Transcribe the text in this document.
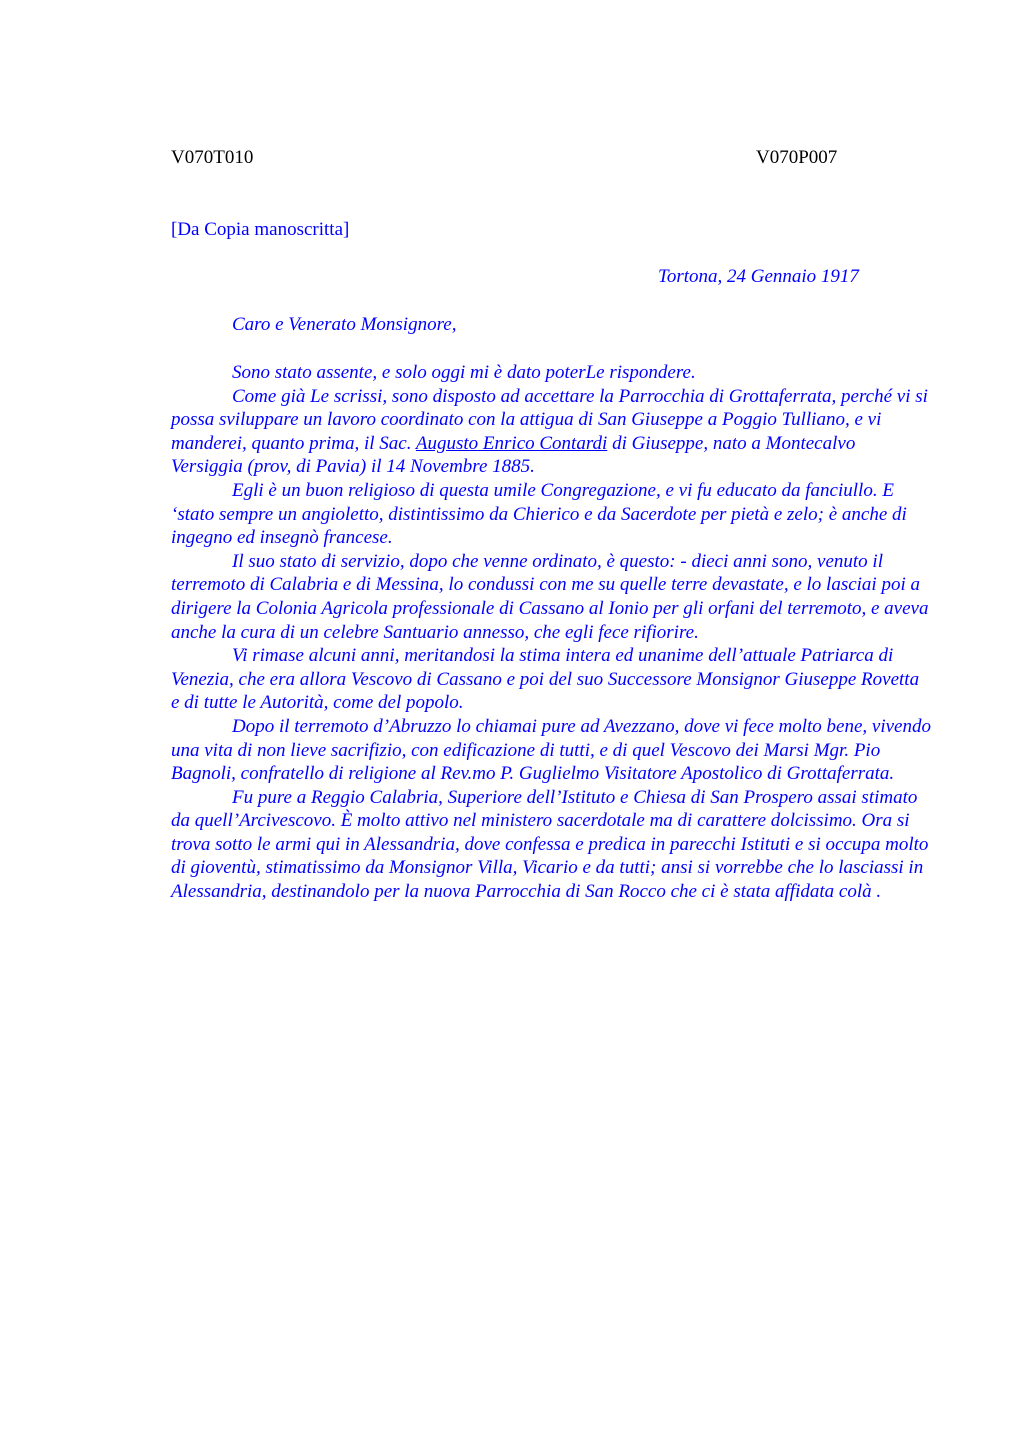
V070T010	V070P007
[Da Copia manoscritta]
Tortona, 24 Gennaio 1917
Caro e Venerato Monsignore,

Sono stato assente, e solo oggi mi è dato poterLe rispondere.

Come già Le scrissi, sono disposto ad accettare la Parrocchia di Grottaferrata, perché vi si possa sviluppare un lavoro coordinato con la attigua di San Giuseppe a Poggio Tulliano, e vi manderei, quanto prima, il Sac. Augusto Enrico Contardi di Giuseppe, nato a Montecalvo Versiggia (prov, di Pavia) il 14 Novembre 1885.

Egli è un buon religioso di questa umile Congregazione, e vi fu educato da fanciullo. E ‘stato sempre un angioletto, distintissimo da Chierico e da Sacerdote per pietà e zelo; è anche di ingegno ed insegnò francese.

Il suo stato di servizio, dopo che venne ordinato, è questo: - dieci anni sono, venuto il terremoto di Calabria e di Messina, lo condussi con me su quelle terre devastate, e lo lasciai poi a dirigere la Colonia Agricola professionale di Cassano al Ionio per gli orfani del terremoto, e aveva anche la cura di un celebre Santuario annesso, che egli fece rifiorire.

Vi rimase alcuni anni, meritandosi la stima intera ed unanime dell’attuale Patriarca di Venezia, che era allora Vescovo di Cassano e poi del suo Successore Monsignor Giuseppe Rovetta e di tutte le Autorità, come del popolo.

Dopo il terremoto d’Abruzzo lo chiamai pure ad Avezzano, dove vi fece molto bene, vivendo una vita di non lieve sacrifizio, con edificazione di tutti, e di quel Vescovo dei Marsi Mgr. Pio Bagnoli, confratello di religione al Rev.mo P. Guglielmo Visitatore Apostolico di Grottaferrata.

Fu pure a Reggio Calabria, Superiore dell’Istituto e Chiesa di San Prospero assai stimato da quell’Arcivescovo. È molto attivo nel ministero sacerdotale ma di carattere dolcissimo. Ora si trova sotto le armi qui in Alessandria, dove confessa e predica in parecchi Istituti e si occupa molto di gioventù, stimatissimo da Monsignor Villa, Vicario e da tutti; ansi si vorrebbe che lo lasciassi in Alessandria, destinandolo per la nuova Parrocchia di San Rocco che ci è stata affidata colà .
